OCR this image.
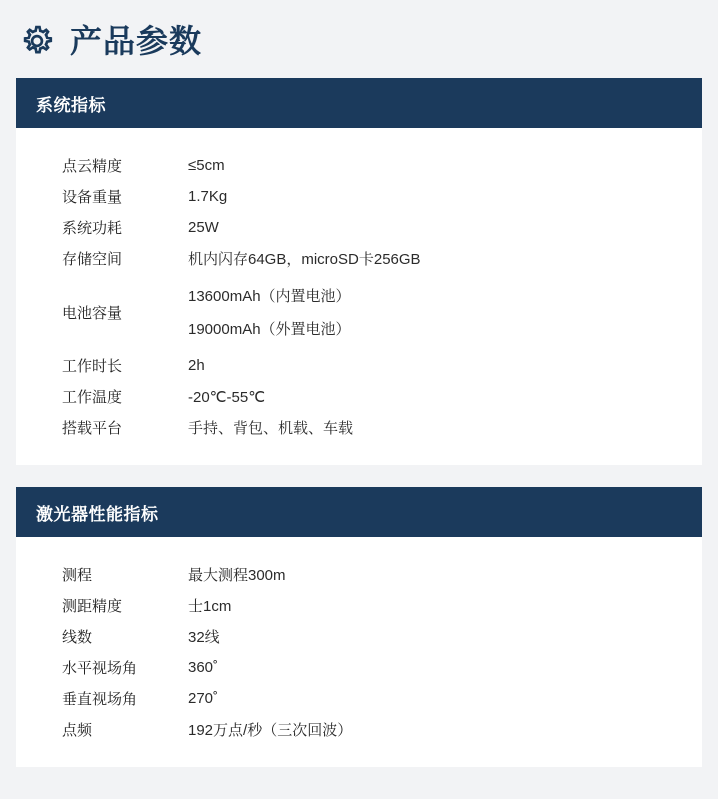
产品参数
系统指标
点云精度	≤5cm
设备重量	1.7Kg
系统功耗	25W
存储空间	机内闪存64GB，microSD卡256GB
电池容量	13600mAh（内置电池）
19000mAh（外置电池）

工作时长	2h
工作温度	-20℃-55℃
搭载平台	手持、背包、机载、车载
激光器性能指标
测程	最大测程300m
测距精度	士1cm
线数	32线
水平视场角	360˚
垂直视场角	270˚
点频	192万点/秒（三次回波）
